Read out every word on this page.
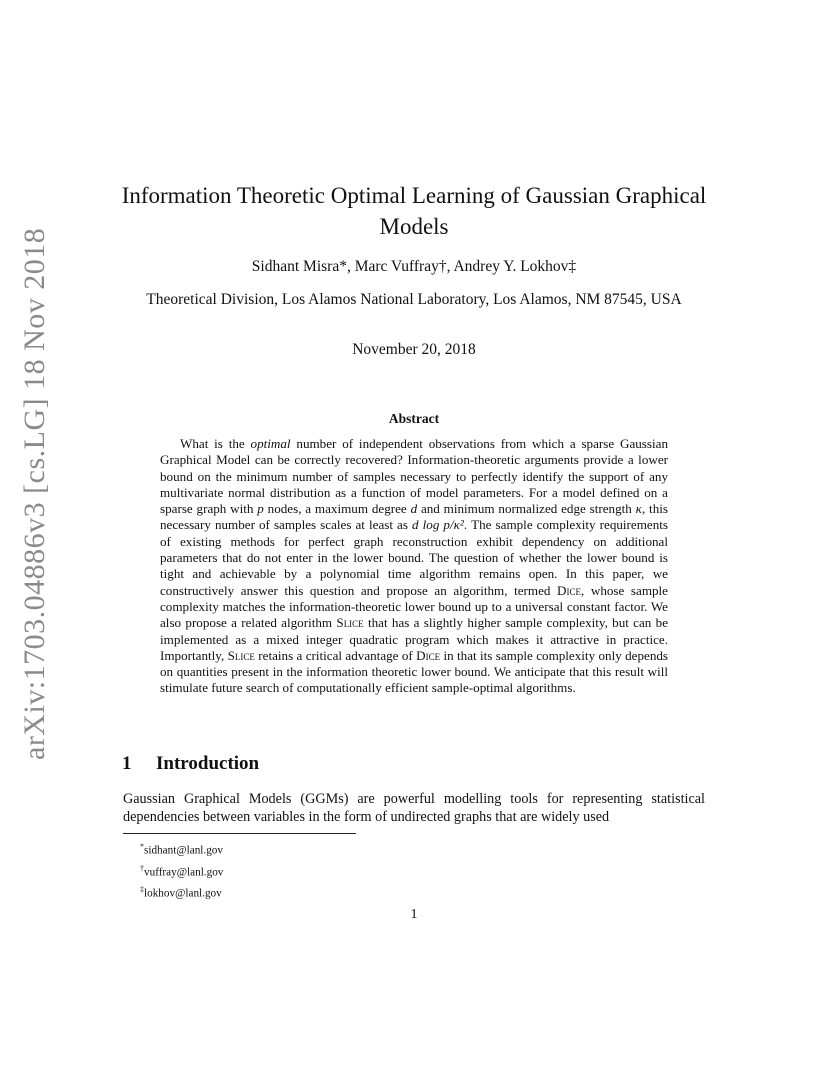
arXiv:1703.04886v3 [cs.LG] 18 Nov 2018
Information Theoretic Optimal Learning of Gaussian Graphical Models
Sidhant Misra*, Marc Vuffray†, Andrey Y. Lokhov‡
Theoretical Division, Los Alamos National Laboratory, Los Alamos, NM 87545, USA
November 20, 2018
Abstract

What is the optimal number of independent observations from which a sparse Gaussian Graphical Model can be correctly recovered? Information-theoretic arguments provide a lower bound on the minimum number of samples necessary to perfectly identify the support of any multivariate normal distribution as a function of model parameters. For a model defined on a sparse graph with p nodes, a maximum degree d and minimum normalized edge strength κ, this necessary number of samples scales at least as d log p/κ². The sample complexity requirements of existing methods for perfect graph reconstruction exhibit dependency on additional parameters that do not enter in the lower bound. The question of whether the lower bound is tight and achievable by a polynomial time algorithm remains open. In this paper, we constructively answer this question and propose an algorithm, termed Dice, whose sample complexity matches the information-theoretic lower bound up to a universal constant factor. We also propose a related algorithm Slice that has a slightly higher sample complexity, but can be implemented as a mixed integer quadratic program which makes it attractive in practice. Importantly, Slice retains a critical advantage of Dice in that its sample complexity only depends on quantities present in the information theoretic lower bound. We anticipate that this result will stimulate future search of computationally efficient sample-optimal algorithms.

1 Introduction

Gaussian Graphical Models (GGMs) are powerful modelling tools for representing statistical dependencies between variables in the form of undirected graphs that are widely used

*sidhant@lanl.gov
†vuffray@lanl.gov
‡lokhov@lanl.gov
1
